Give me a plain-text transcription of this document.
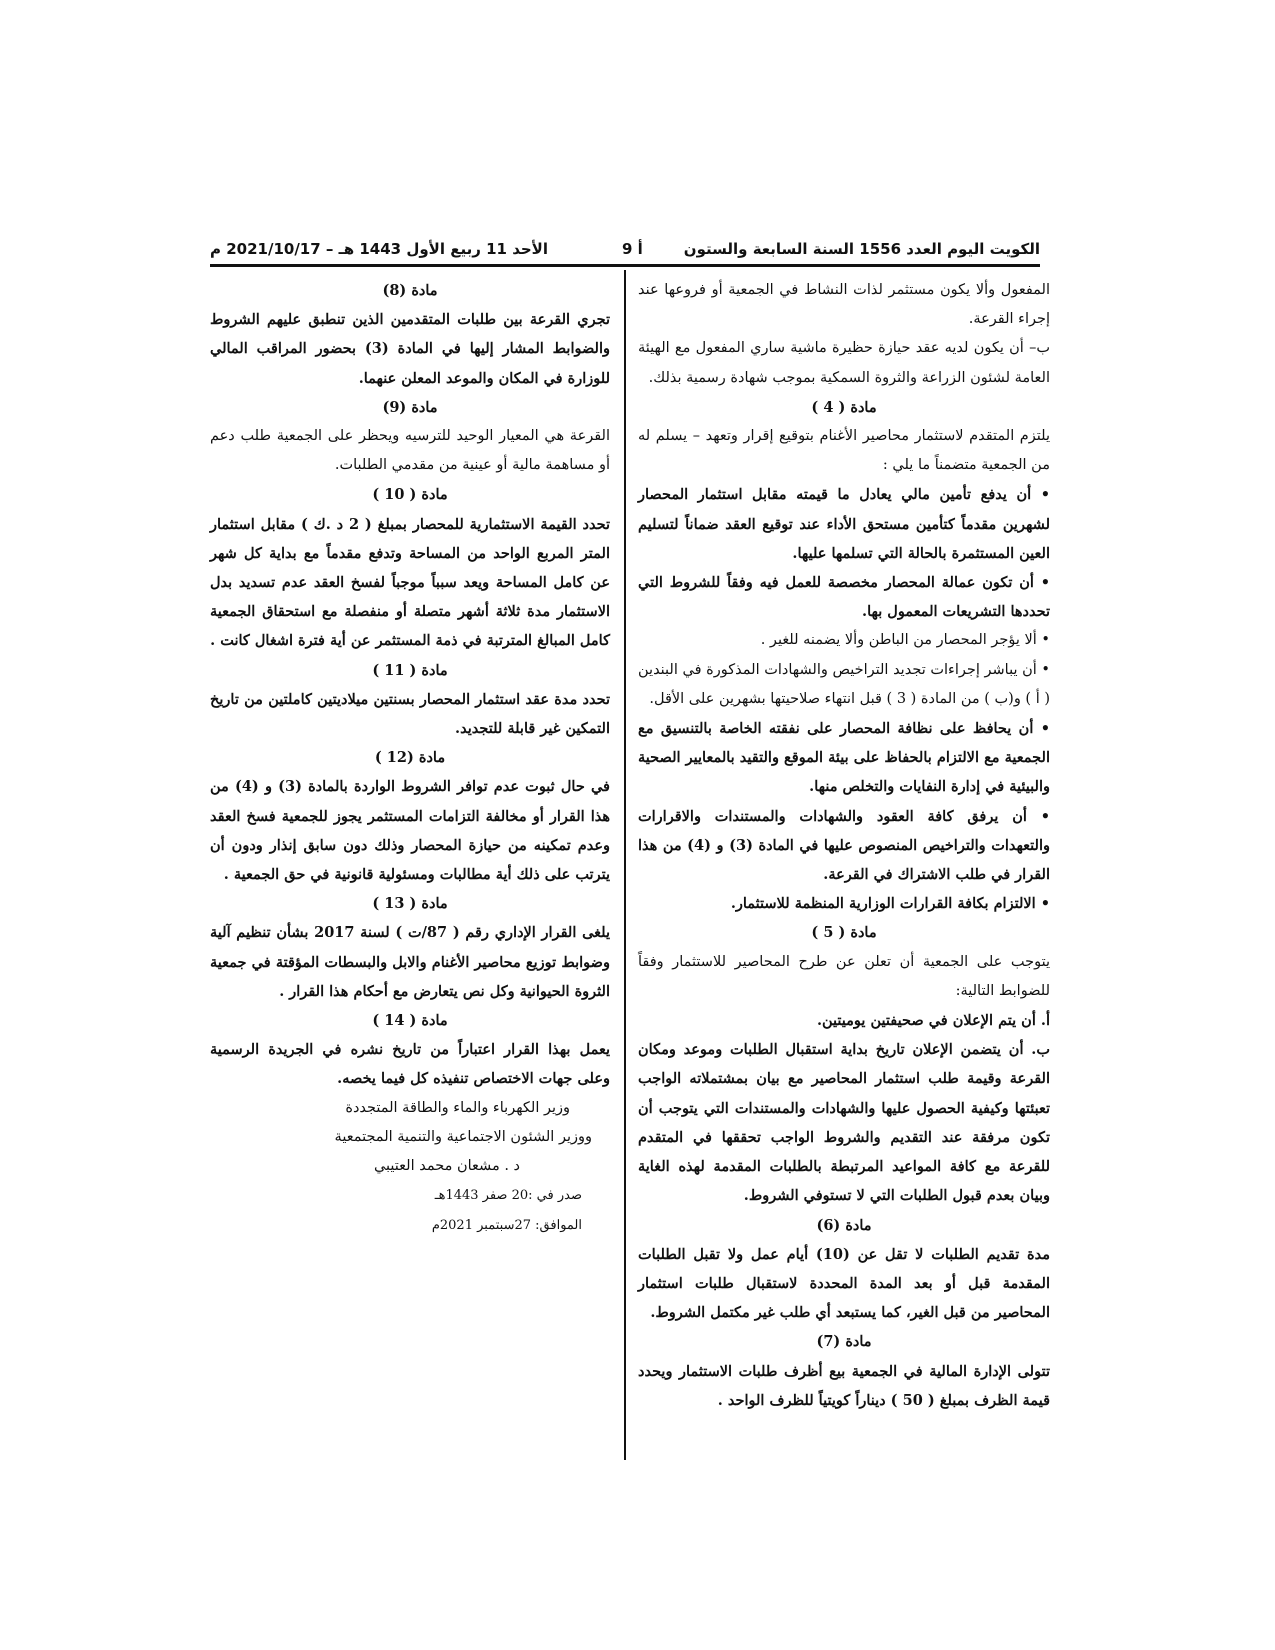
الأحد 11 ربيع الأول 1443 هـ – 2021/10/17 م	أ 9	الكويت اليوم العدد 1556 السنة السابعة والستون

المفعول وألا يكون مستثمر لذات النشاط في الجمعية أو فروعها عند إجراء القرعة.

ب– أن يكون لديه عقد حيازة حظيرة ماشية ساري المفعول مع الهيئة العامة لشئون الزراعة والثروة السمكية بموجب شهادة رسمية بذلك.

مادة ( 4 )

يلتزم المتقدم لاستثمار محاصير الأغنام بتوقيع إقرار وتعهد – يسلم له من الجمعية متضمناً ما يلي :

• أن يدفع تأمين مالي يعادل ما قيمته مقابل استثمار المحصار لشهرين مقدماً كتأمين مستحق الأداء عند توقيع العقد ضماناً لتسليم العين المستثمرة بالحالة التي تسلمها عليها.

• أن تكون عمالة المحصار مخصصة للعمل فيه وفقاً للشروط التي تحددها التشريعات المعمول بها.

• ألا يؤجر المحصار من الباطن وألا يضمنه للغير .

• أن يباشر إجراءات تجديد التراخيص والشهادات المذكورة في البندين ( أ ) و(ب ) من المادة ( 3 ) قبل انتهاء صلاحيتها بشهرين على الأقل.

• أن يحافظ على نظافة المحصار على نفقته الخاصة بالتنسيق مع الجمعية مع الالتزام بالحفاظ على بيئة الموقع والتقيد بالمعايير الصحية والبيئية في إدارة النفايات والتخلص منها.

• أن يرفق كافة العقود والشهادات والمستندات والاقرارات والتعهدات والتراخيص المنصوص عليها في المادة (3) و (4) من هذا القرار في طلب الاشتراك في القرعة.

• الالتزام بكافة القرارات الوزارية المنظمة للاستثمار.

مادة ( 5 )

يتوجب على الجمعية أن تعلن عن طرح المحاصير للاستثمار وفقاً للضوابط التالية:

أ. أن يتم الإعلان في صحيفتين يوميتين.

ب. أن يتضمن الإعلان تاريخ بداية استقبال الطلبات وموعد ومكان القرعة وقيمة طلب استثمار المحاصير مع بيان بمشتملاته الواجب تعبئتها وكيفية الحصول عليها والشهادات والمستندات التي يتوجب أن تكون مرفقة عند التقديم والشروط الواجب تحققها في المتقدم للقرعة مع كافة المواعيد المرتبطة بالطلبات المقدمة لهذه الغاية وبيان بعدم قبول الطلبات التي لا تستوفي الشروط.

مادة (6)

مدة تقديم الطلبات لا تقل عن (10) أيام عمل ولا تقبل الطلبات المقدمة قبل أو بعد المدة المحددة لاستقبال طلبات استثمار المحاصير من قبل الغير، كما يستبعد أي طلب غير مكتمل الشروط.

مادة (7)

تتولى الإدارة المالية في الجمعية بيع أظرف طلبات الاستثمار ويحدد قيمة الظرف بمبلغ ( 50 ) ديناراً كويتياً للظرف الواحد .

مادة (8)

تجري القرعة بين طلبات المتقدمين الذين تنطبق عليهم الشروط والضوابط المشار إليها في المادة (3) بحضور المراقب المالي للوزارة في المكان والموعد المعلن عنهما.

مادة (9)

القرعة هي المعيار الوحيد للترسيه ويحظر على الجمعية طلب دعم أو مساهمة مالية أو عينية من مقدمي الطلبات.

مادة ( 10 )

تحدد القيمة الاستثمارية للمحصار بمبلغ ( 2 د .ك ) مقابل استثمار المتر المربع الواحد من المساحة وتدفع مقدماً مع بداية كل شهر عن كامل المساحة ويعد سبباً موجباً لفسخ العقد عدم تسديد بدل الاستثمار مدة ثلاثة أشهر متصلة أو منفصلة مع استحقاق الجمعية كامل المبالغ المترتبة في ذمة المستثمر عن أية فترة اشغال كانت .

مادة ( 11 )

تحدد مدة عقد استثمار المحصار بسنتين ميلاديتين كاملتين من تاريخ التمكين غير قابلة للتجديد.

مادة (12 )

في حال ثبوت عدم توافر الشروط الواردة بالمادة (3) و (4) من هذا القرار أو مخالفة التزامات المستثمر يجوز للجمعية فسخ العقد وعدم تمكينه من حيازة المحصار وذلك دون سابق إنذار ودون أن يترتب على ذلك أية مطالبات ومسئولية قانونية في حق الجمعية .

مادة ( 13 )

يلغى القرار الإداري رقم ( 87/ت ) لسنة 2017 بشأن تنظيم آلية وضوابط توزيع محاصير الأغنام والابل والبسطات المؤقتة في جمعية الثروة الحيوانية وكل نص يتعارض مع أحكام هذا القرار .

مادة ( 14 )

يعمل بهذا القرار اعتباراً من تاريخ نشره في الجريدة الرسمية وعلى جهات الاختصاص تنفيذه كل فيما يخصه.

وزير الكهرباء والماء والطاقة المتجددة

ووزير الشئون الاجتماعية والتنمية المجتمعية

د . مشعان محمد العتيبي

صدر في :20 صفر 1443هـ

الموافق: 27سبتمبر 2021م
